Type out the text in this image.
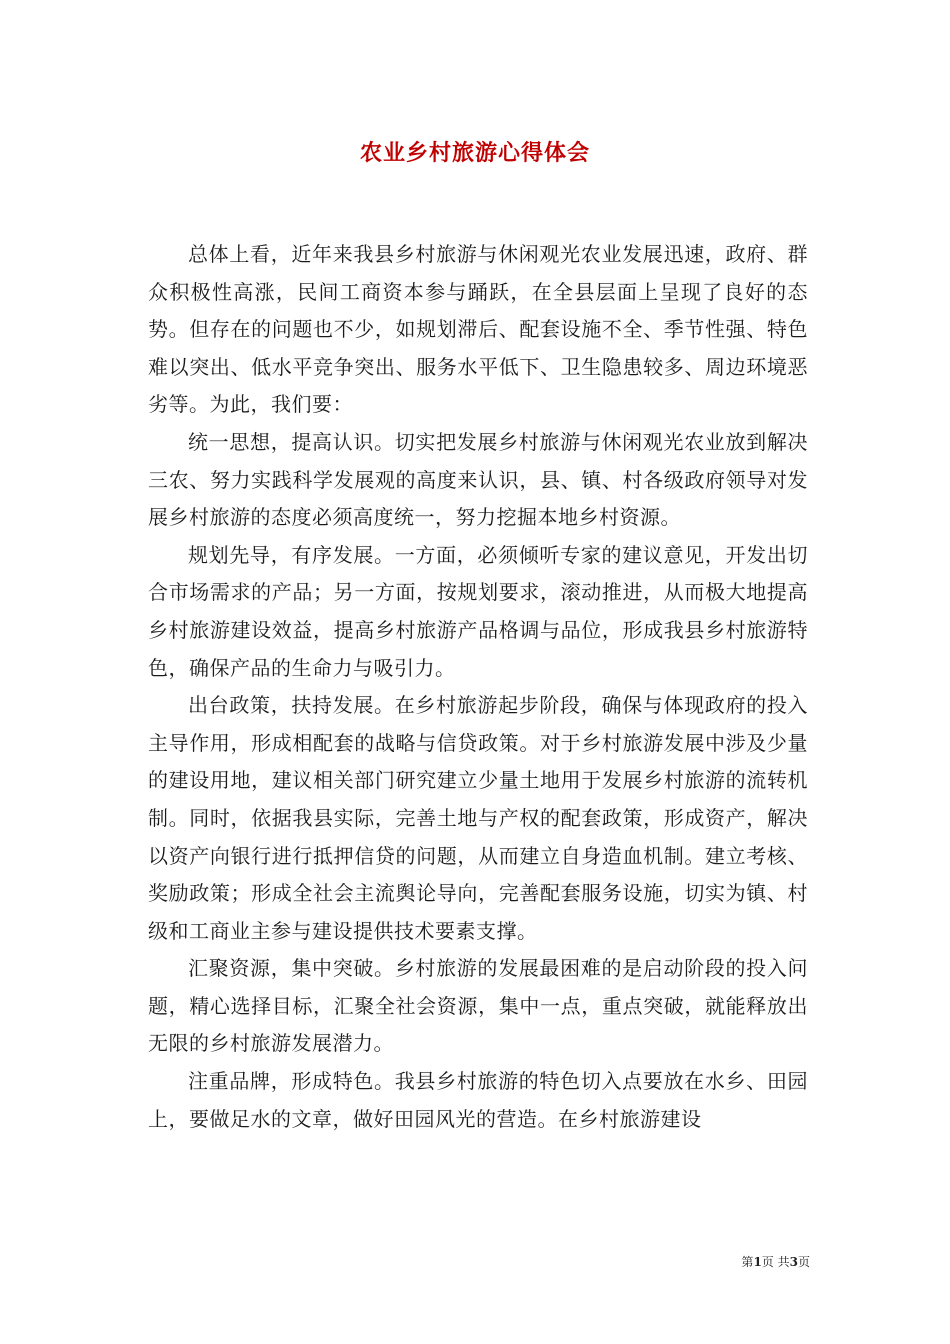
农业乡村旅游心得体会

总体上看，近年来我县乡村旅游与休闲观光农业发展迅速，政府、群众积极性高涨，民间工商资本参与踊跃，在全县层面上呈现了良好的态势。但存在的问题也不少，如规划滞后、配套设施不全、季节性强、特色难以突出、低水平竞争突出、服务水平低下、卫生隐患较多、周边环境恶劣等。为此，我们要：

统一思想，提高认识。切实把发展乡村旅游与休闲观光农业放到解决三农、努力实践科学发展观的高度来认识，县、镇、村各级政府领导对发展乡村旅游的态度必须高度统一，努力挖掘本地乡村资源。

规划先导，有序发展。一方面，必须倾听专家的建议意见，开发出切合市场需求的产品；另一方面，按规划要求，滚动推进，从而极大地提高乡村旅游建设效益，提高乡村旅游产品格调与品位，形成我县乡村旅游特色，确保产品的生命力与吸引力。

出台政策，扶持发展。在乡村旅游起步阶段，确保与体现政府的投入主导作用，形成相配套的战略与信贷政策。对于乡村旅游发展中涉及少量的建设用地，建议相关部门研究建立少量土地用于发展乡村旅游的流转机制。同时，依据我县实际，完善土地与产权的配套政策，形成资产，解决以资产向银行进行抵押信贷的问题，从而建立自身造血机制。建立考核、奖励政策；形成全社会主流舆论导向，完善配套服务设施，切实为镇、村级和工商业主参与建设提供技术要素支撑。

汇聚资源，集中突破。乡村旅游的发展最困难的是启动阶段的投入问题，精心选择目标，汇聚全社会资源，集中一点，重点突破，就能释放出无限的乡村旅游发展潜力。

注重品牌，形成特色。我县乡村旅游的特色切入点要放在水乡、田园上，要做足水的文章，做好田园风光的营造。在乡村旅游建设

第1页 共3页
